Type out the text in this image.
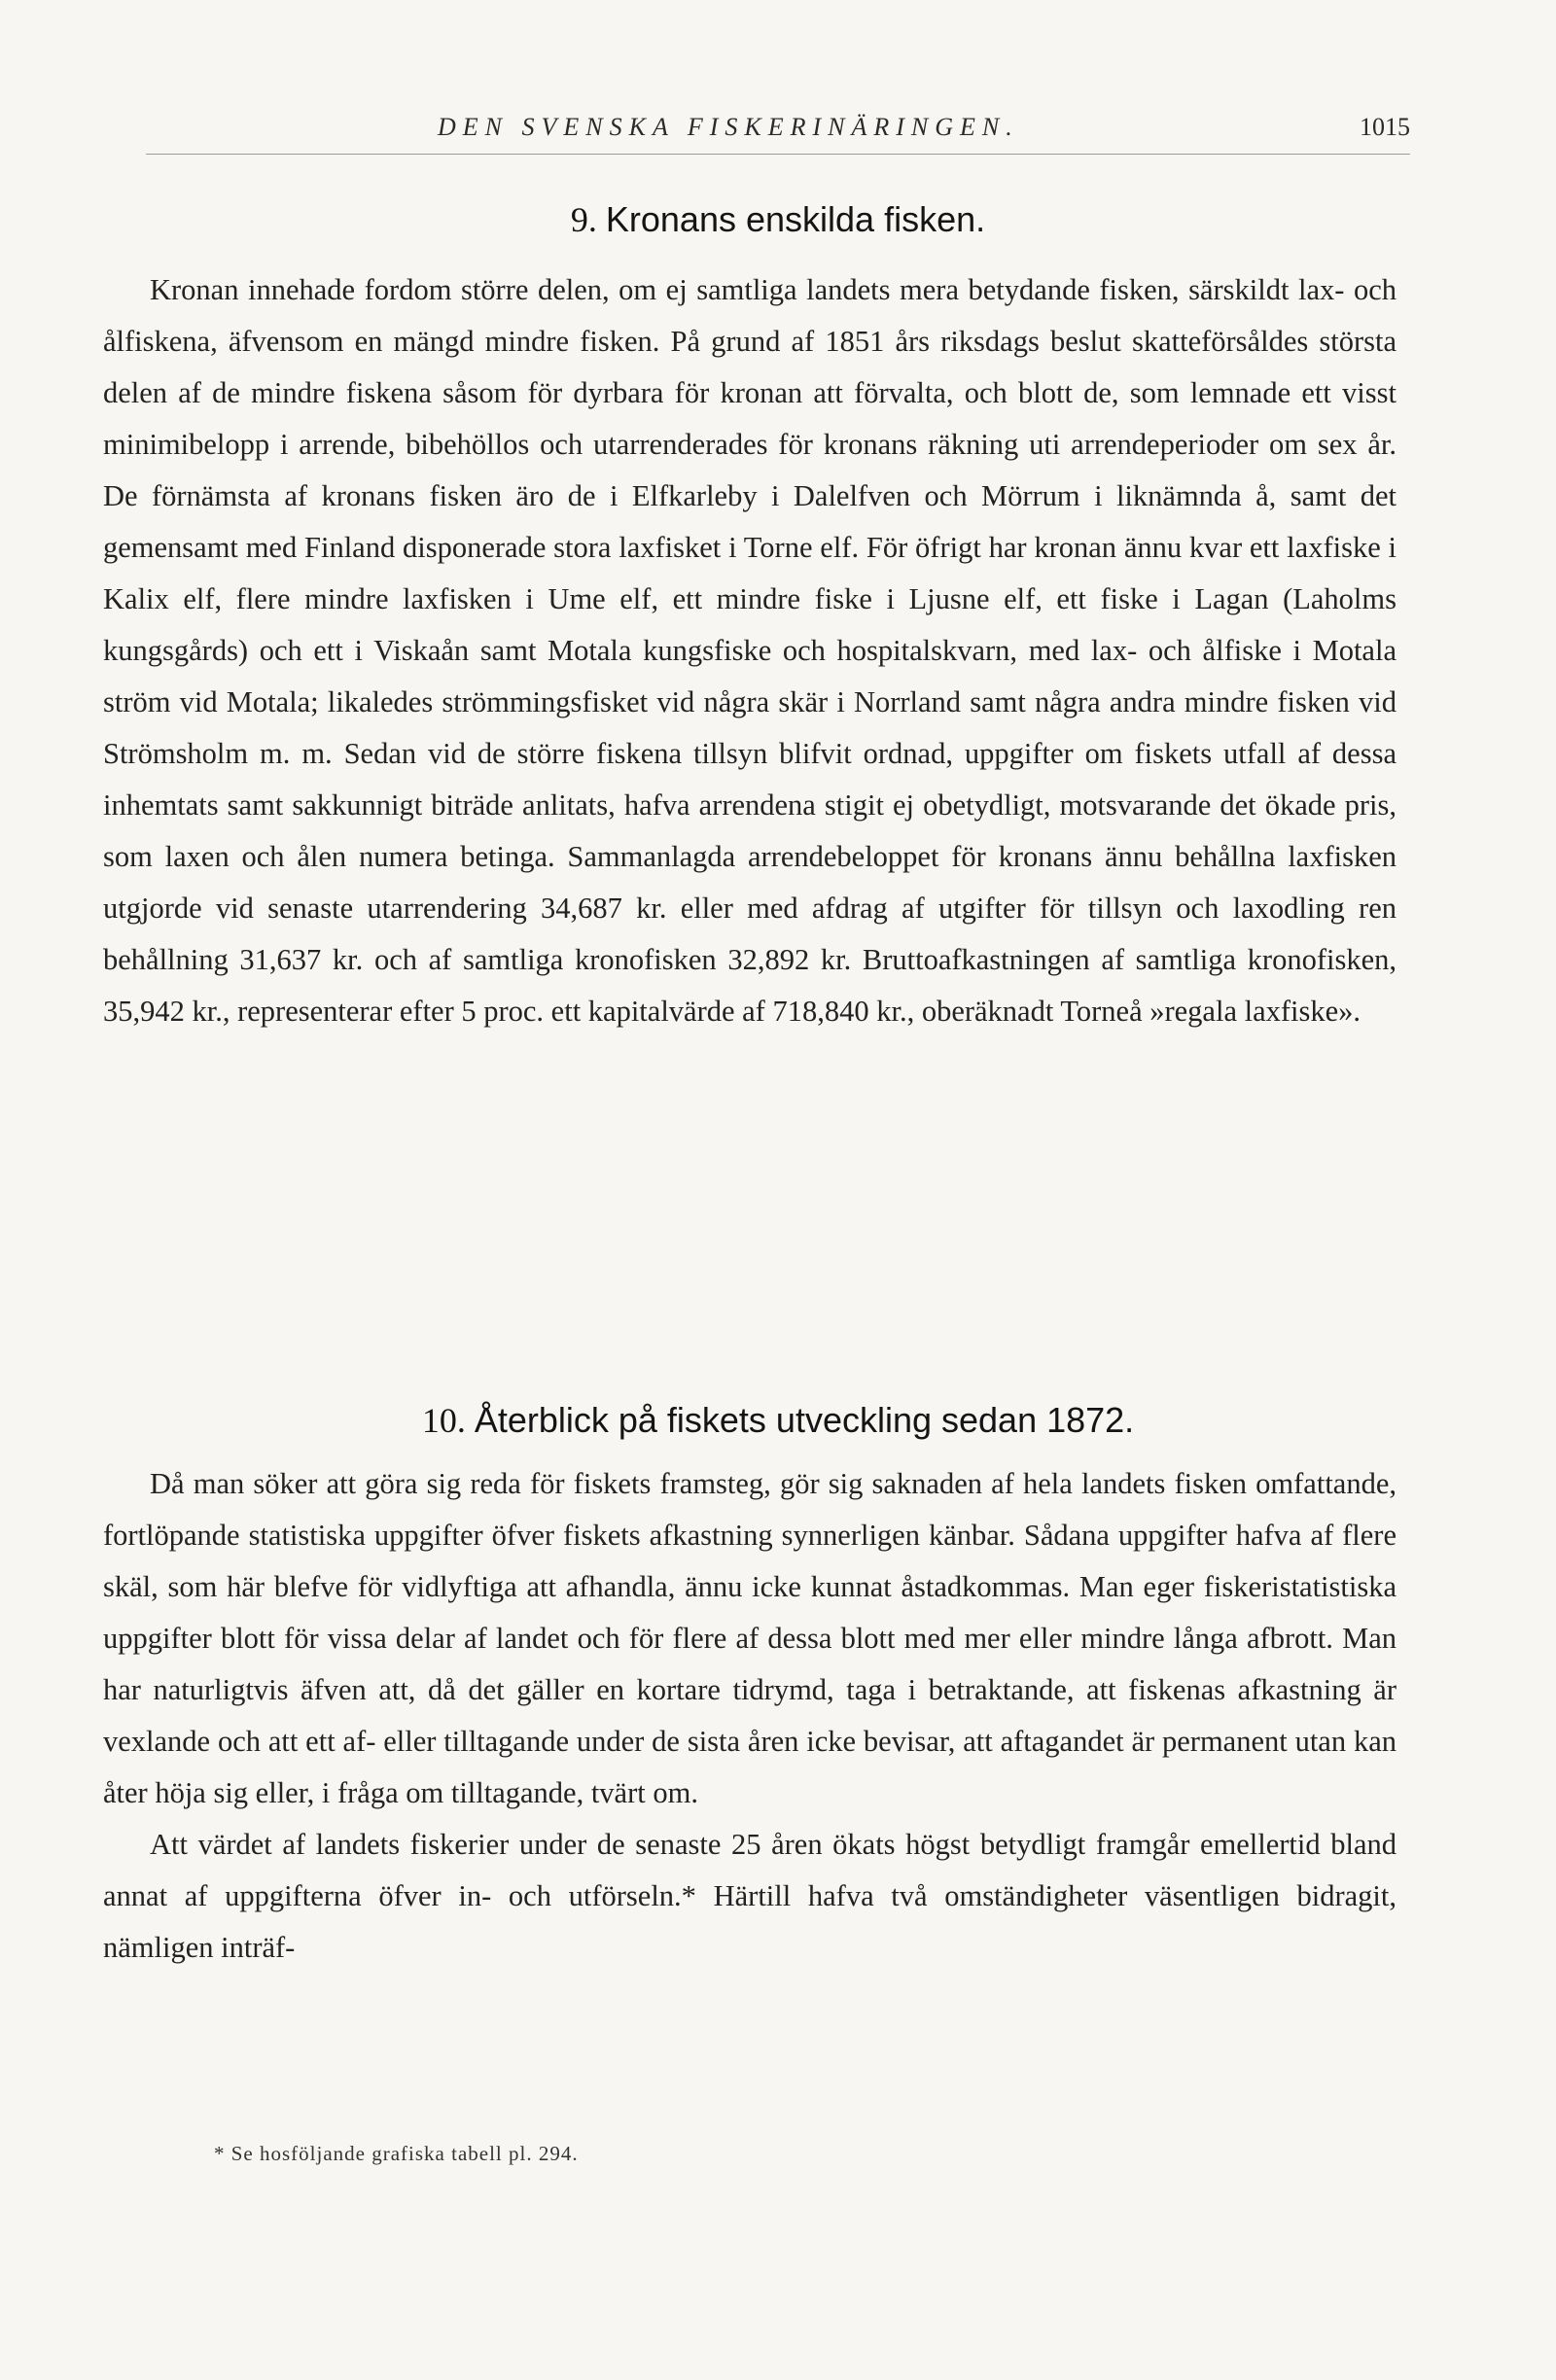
DEN SVENSKA FISKERINÄRINGEN.	1015
9. Kronans enskilda fisken.

Kronan innehade fordom större delen, om ej samtliga landets mera betydande fisken, särskildt lax- och ålfiskena, äfvensom en mängd mindre fisken. På grund af 1851 års riksdags beslut skatteförsåldes största delen af de mindre fiskena såsom för dyrbara för kronan att förvalta, och blott de, som lemnade ett visst minimibelopp i arrende, bibehöllos och utarrenderades för kronans räkning uti arrendeperioder om sex år. De förnämsta af kronans fisken äro de i Elfkarleby i Dalelfven och Mörrum i liknämnda å, samt det gemensamt med Finland disponerade stora laxfisket i Torne elf. För öfrigt har kronan ännu kvar ett laxfiske i Kalix elf, flere mindre laxfisken i Ume elf, ett mindre fiske i Ljusne elf, ett fiske i Lagan (Laholms kungsgårds) och ett i Viskaån samt Motala kungsfiske och hospitalskvarn, med lax- och ålfiske i Motala ström vid Motala; likaledes strömmingsfisket vid några skär i Norrland samt några andra mindre fisken vid Strömsholm m. m. Sedan vid de större fiskena tillsyn blifvit ordnad, uppgifter om fiskets utfall af dessa inhemtats samt sakkunnigt biträde anlitats, hafva arrendena stigit ej obetydligt, motsvarande det ökade pris, som laxen och ålen numera betinga. Sammanlagda arrendebeloppet för kronans ännu behållna laxfisken utgjorde vid senaste utarrendering 34,687 kr. eller med afdrag af utgifter för tillsyn och laxodling ren behållning 31,637 kr. och af samtliga kronofisken 32,892 kr. Bruttoafkastningen af samtliga kronofisken, 35,942 kr., representerar efter 5 proc. ett kapitalvärde af 718,840 kr., oberäknadt Torneå »regala laxfiske».

10. Återblick på fiskets utveckling sedan 1872.

Då man söker att göra sig reda för fiskets framsteg, gör sig saknaden af hela landets fisken omfattande, fortlöpande statistiska uppgifter öfver fiskets afkastning synnerligen känbar. Sådana uppgifter hafva af flere skäl, som här blefve för vidlyftiga att afhandla, ännu icke kunnat åstadkommas. Man eger fiskeristatistiska uppgifter blott för vissa delar af landet och för flere af dessa blott med mer eller mindre långa afbrott. Man har naturligtvis äfven att, då det gäller en kortare tidrymd, taga i betraktande, att fiskenas afkastning är vexlande och att ett af- eller tilltagande under de sista åren icke bevisar, att aftagandet är permanent utan kan åter höja sig eller, i fråga om tilltagande, tvärt om.

Att värdet af landets fiskerier under de senaste 25 åren ökats högst betydligt framgår emellertid bland annat af uppgifterna öfver in- och utförseln.* Härtill hafva två omständigheter väsentligen bidragit, nämligen inträf-

* Se hosföljande grafiska tabell pl. 294.
